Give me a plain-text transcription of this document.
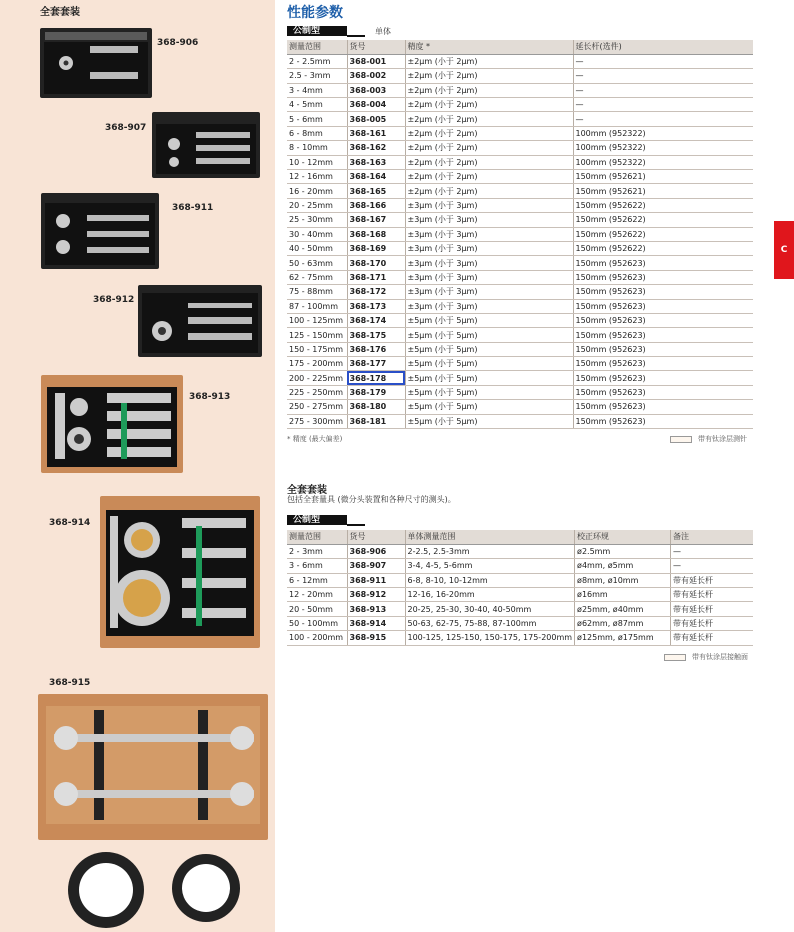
全套套装
368-906
368-907
368-911
368-912
368-913
368-914
368-915
性能参数
公制型	单体
测量范围	货号	精度 *	延长杆(选件)
2 - 2.5mm	368-001	±2μm (小于 2μm)	—
2.5 - 3mm	368-002	±2μm (小于 2μm)	—
3 - 4mm	368-003	±2μm (小于 2μm)	—
4 - 5mm	368-004	±2μm (小于 2μm)	—
5 - 6mm	368-005	±2μm (小于 2μm)	—
6 - 8mm	368-161	±2μm (小于 2μm)	100mm (952322)
8 - 10mm	368-162	±2μm (小于 2μm)	100mm (952322)
10 - 12mm	368-163	±2μm (小于 2μm)	100mm (952322)
12 - 16mm	368-164	±2μm (小于 2μm)	150mm (952621)
16 - 20mm	368-165	±2μm (小于 2μm)	150mm (952621)
20 - 25mm	368-166	±3μm (小于 3μm)	150mm (952622)
25 - 30mm	368-167	±3μm (小于 3μm)	150mm (952622)
30 - 40mm	368-168	±3μm (小于 3μm)	150mm (952622)
40 - 50mm	368-169	±3μm (小于 3μm)	150mm (952622)
50 - 63mm	368-170	±3μm (小于 3μm)	150mm (952623)
62 - 75mm	368-171	±3μm (小于 3μm)	150mm (952623)
75 - 88mm	368-172	±3μm (小于 3μm)	150mm (952623)
87 - 100mm	368-173	±3μm (小于 3μm)	150mm (952623)
100 - 125mm	368-174	±5μm (小于 5μm)	150mm (952623)
125 - 150mm	368-175	±5μm (小于 5μm)	150mm (952623)
150 - 175mm	368-176	±5μm (小于 5μm)	150mm (952623)
175 - 200mm	368-177	±5μm (小于 5μm)	150mm (952623)
200 - 225mm	368-178	±5μm (小于 5μm)	150mm (952623)
225 - 250mm	368-179	±5μm (小于 5μm)	150mm (952623)
250 - 275mm	368-180	±5μm (小于 5μm)	150mm (952623)
275 - 300mm	368-181	±5μm (小于 5μm)	150mm (952623)
* 精度 (最大偏差)	带有钛涂层测针
全套套装
包括全套量具 (微分头装置和各种尺寸的测头)。
公制型
测量范围	货号	单体测量范围	校正环规	备注
2 - 3mm	368-906	2-2.5, 2.5-3mm	ø2.5mm	—
3 - 6mm	368-907	3-4, 4-5, 5-6mm	ø4mm, ø5mm	—
6 - 12mm	368-911	6-8, 8-10, 10-12mm	ø8mm, ø10mm	带有延长杆
12 - 20mm	368-912	12-16, 16-20mm	ø16mm	带有延长杆
20 - 50mm	368-913	20-25, 25-30, 30-40, 40-50mm	ø25mm, ø40mm	带有延长杆
50 - 100mm	368-914	50-63, 62-75, 75-88, 87-100mm	ø62mm, ø87mm	带有延长杆
100 - 200mm	368-915	100-125, 125-150, 150-175, 175-200mm	ø125mm, ø175mm	带有延长杆
带有钛涂层接触面
C
